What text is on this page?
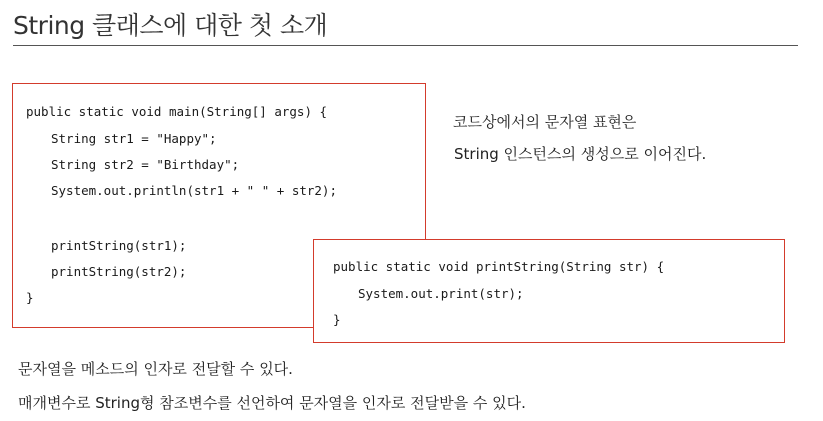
String 클래스에 대한 첫 소개
public static void main(String[] args) {
String str1 = "Happy";
String str2 = "Birthday";
System.out.println(str1 + " " + str2);
printString(str1);
printString(str2);
}
public static void printString(String str) {
System.out.print(str);
}
코드상에서의 문자열 표현은
String 인스턴스의 생성으로 이어진다.
문자열을 메소드의 인자로 전달할 수 있다.
매개변수로 String형 참조변수를 선언하여 문자열을 인자로 전달받을 수 있다.
